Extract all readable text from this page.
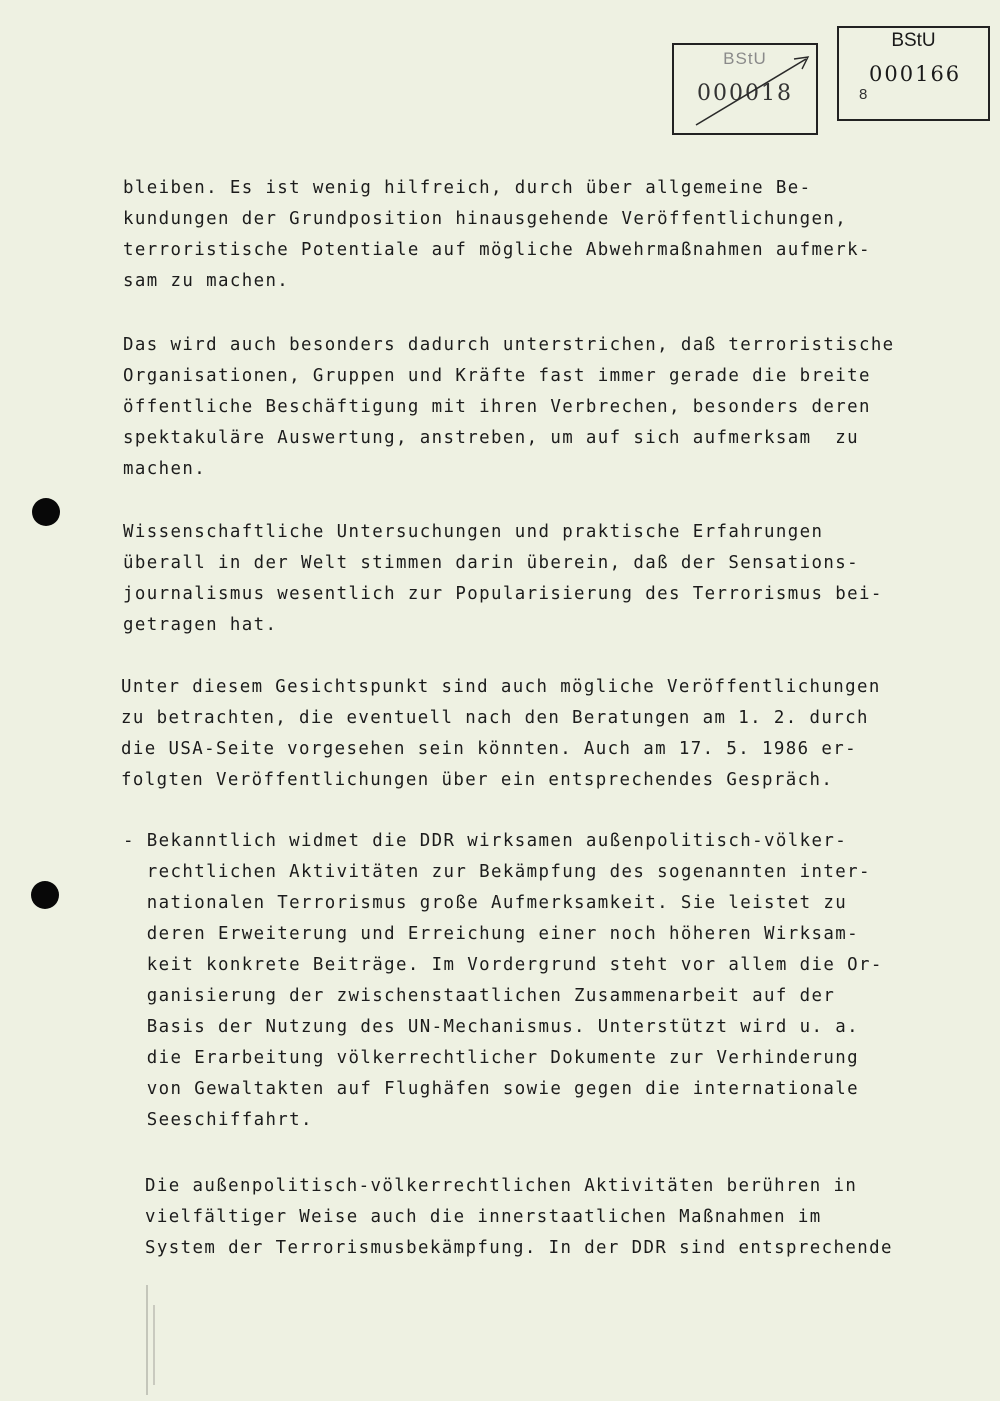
BStU
000018
BStU
000166
8
bleiben. Es ist wenig hilfreich, durch über allgemeine Be-
kundungen der Grundposition hinausgehende Veröffentlichungen,
terroristische Potentiale auf mögliche Abwehrmaßnahmen aufmerk-
sam zu machen.
Das wird auch besonders dadurch unterstrichen, daß terroristische
Organisationen, Gruppen und Kräfte fast immer gerade die breite
öffentliche Beschäftigung mit ihren Verbrechen, besonders deren
spektakuläre Auswertung, anstreben, um auf sich aufmerksam  zu
machen.
Wissenschaftliche Untersuchungen und praktische Erfahrungen
überall in der Welt stimmen darin überein, daß der Sensations-
journalismus wesentlich zur Popularisierung des Terrorismus bei-
getragen hat.
Unter diesem Gesichtspunkt sind auch mögliche Veröffentlichungen
zu betrachten, die eventuell nach den Beratungen am 1. 2. durch
die USA-Seite vorgesehen sein könnten. Auch am 17. 5. 1986 er-
folgten Veröffentlichungen über ein entsprechendes Gespräch.
- Bekanntlich widmet die DDR wirksamen außenpolitisch-völker-
rechtlichen Aktivitäten zur Bekämpfung des sogenannten inter-
nationalen Terrorismus große Aufmerksamkeit. Sie leistet zu
deren Erweiterung und Erreichung einer noch höheren Wirksam-
keit konkrete Beiträge. Im Vordergrund steht vor allem die Or-
ganisierung der zwischenstaatlichen Zusammenarbeit auf der
Basis der Nutzung des UN-Mechanismus. Unterstützt wird u. a.
die Erarbeitung völkerrechtlicher Dokumente zur Verhinderung
von Gewaltakten auf Flughäfen sowie gegen die internationale
Seeschiffahrt.
Die außenpolitisch-völkerrechtlichen Aktivitäten berühren in
vielfältiger Weise auch die innerstaatlichen Maßnahmen im
System der Terrorismusbekämpfung. In der DDR sind entsprechende
